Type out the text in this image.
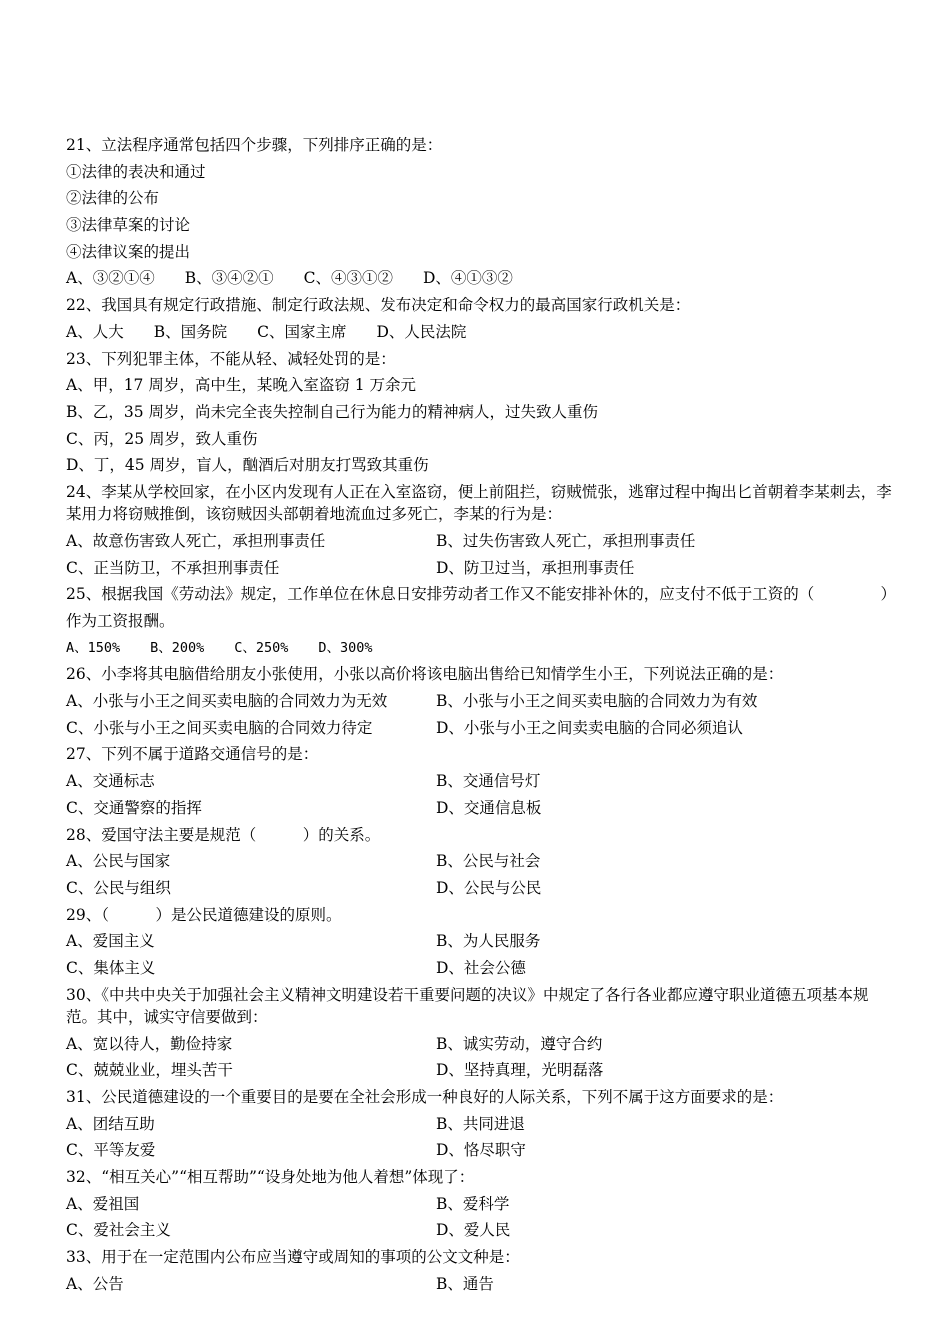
21、立法程序通常包括四个步骤，下列排序正确的是：
①法律的表决和通过
②法律的公布
③法律草案的讨论
④法律议案的提出
A、③②①④ B、③④②① C、④③①② D、④①③②
22、我国具有规定行政措施、制定行政法规、发布决定和命令权力的最高国家行政机关是：
A、人大 B、国务院 C、国家主席 D、人民法院
23、下列犯罪主体，不能从轻、减轻处罚的是：
A、甲，17 周岁，高中生，某晚入室盗窃 1 万余元
B、乙，35 周岁，尚未完全丧失控制自己行为能力的精神病人，过失致人重伤
C、丙，25 周岁，致人重伤
D、丁，45 周岁，盲人，酗酒后对朋友打骂致其重伤
24、李某从学校回家，在小区内发现有人正在入室盗窃，便上前阻拦，窃贼慌张，逃窜过程中掏出匕首朝着李某刺去，李某用力将窃贼推倒，该窃贼因头部朝着地流血过多死亡，李某的行为是：
A、故意伤害致人死亡，承担刑事责任	B、过失伤害致人死亡，承担刑事责任
C、正当防卫，不承担刑事责任	D、防卫过当，承担刑事责任
25、根据我国《劳动法》规定，工作单位在休息日安排劳动者工作又不能安排补休的，应支付不低于工资的（	）
作为工资报酬。
A、150% B、200% C、250% D、300%
26、小李将其电脑借给朋友小张使用，小张以高价将该电脑出售给已知情学生小王，下列说法正确的是：
A、小张与小王之间买卖电脑的合同效力为无效	B、小张与小王之间买卖电脑的合同效力为有效
C、小张与小王之间买卖电脑的合同效力待定	D、小张与小王之间卖卖电脑的合同必须追认
27、下列不属于道路交通信号的是：
A、交通标志	B、交通信号灯
C、交通警察的指挥	D、交通信息板
28、爱国守法主要是规范（　　　）的关系。
A、公民与国家	B、公民与社会
C、公民与组织	D、公民与公民
29、（　　　）是公民道德建设的原则。
A、爱国主义	B、为人民服务
C、集体主义	D、社会公德
30、《中共中央关于加强社会主义精神文明建设若干重要问题的决议》中规定了各行各业都应遵守职业道德五项基本规范。其中，诚实守信要做到：
A、宽以待人，勤俭持家	B、诚实劳动，遵守合约
C、兢兢业业，埋头苦干	D、坚持真理，光明磊落
31、公民道德建设的一个重要目的是要在全社会形成一种良好的人际关系，下列不属于这方面要求的是：
A、团结互助	B、共同进退
C、平等友爱	D、恪尽职守
32、“相互关心”“相互帮助”“设身处地为他人着想”体现了：
A、爱祖国	B、爱科学
C、爱社会主义	D、爱人民
33、用于在一定范围内公布应当遵守或周知的事项的公文文种是：
A、公告	B、通告
